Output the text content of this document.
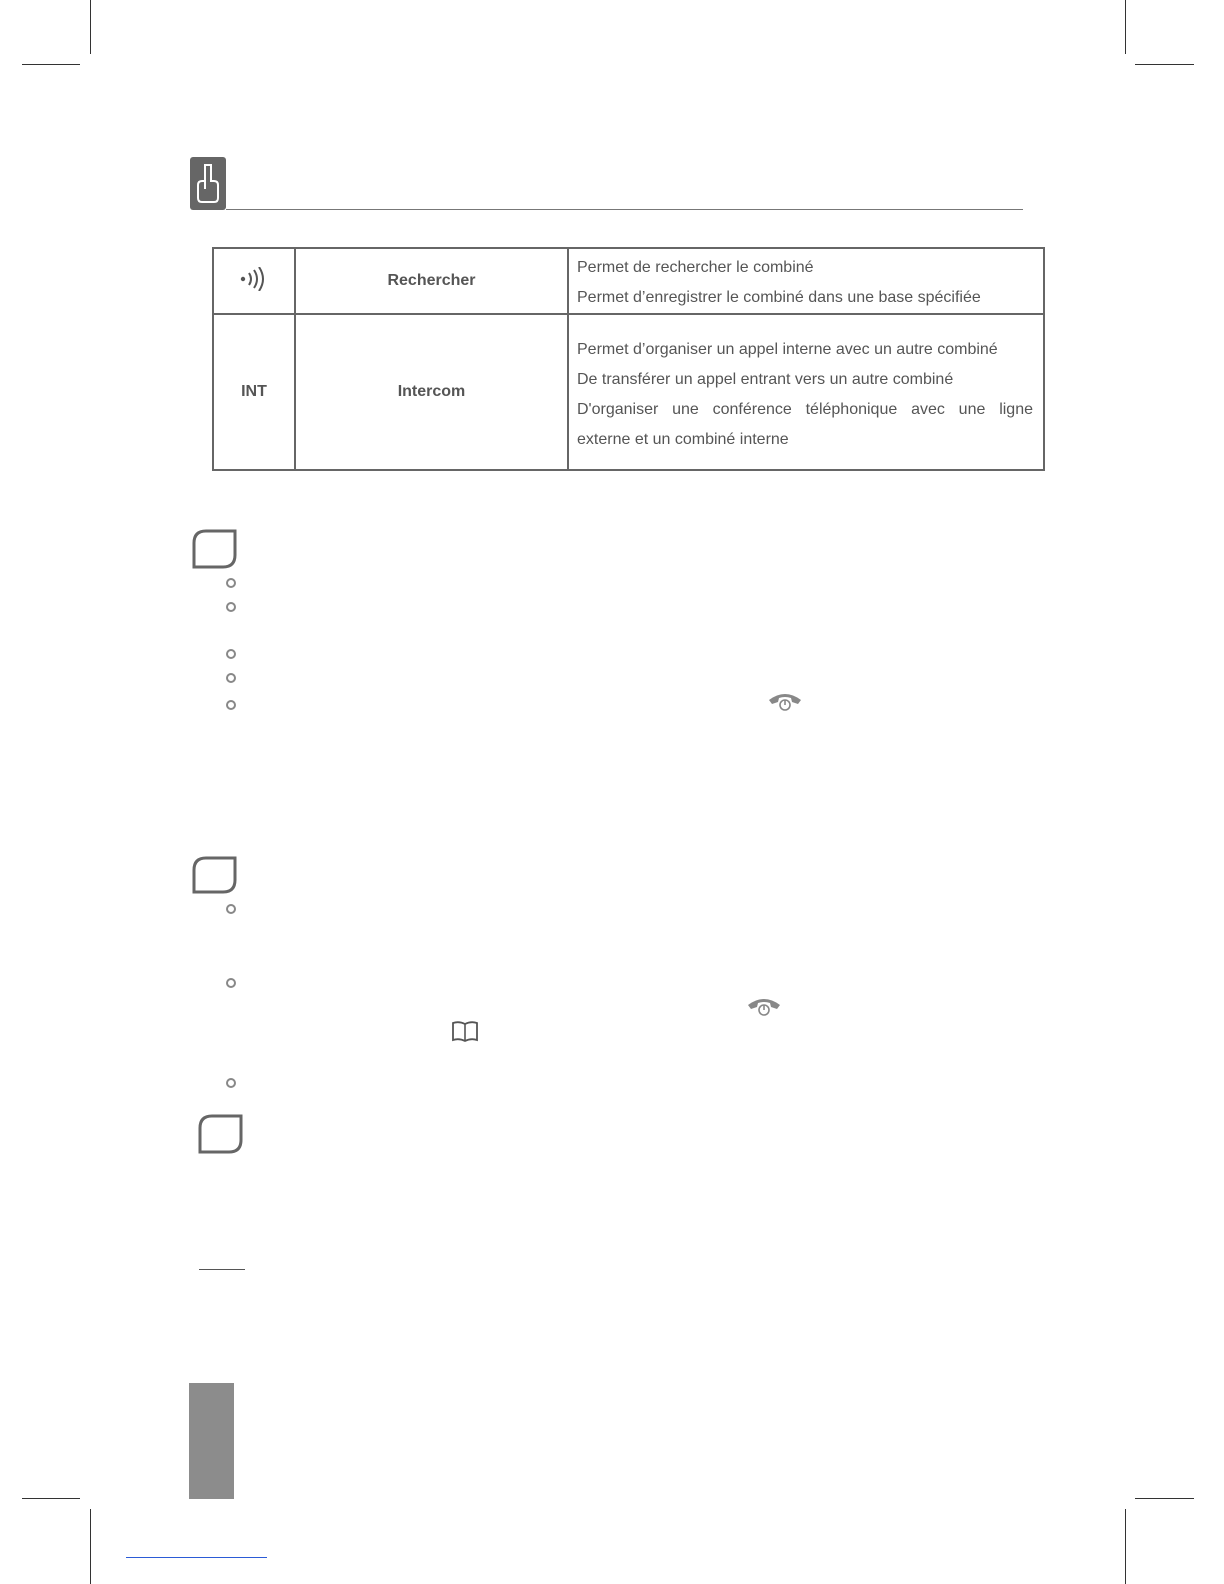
	Rechercher	Permet de rechercher le combiné
Permet d’enregistrer le combiné dans une base spécifiée

INT	Intercom	Permet d’organiser un appel interne avec un autre combiné
De transférer un appel entrant vers un autre combiné
D'organiser une conférence téléphonique avec une ligne externe et un combiné interne
